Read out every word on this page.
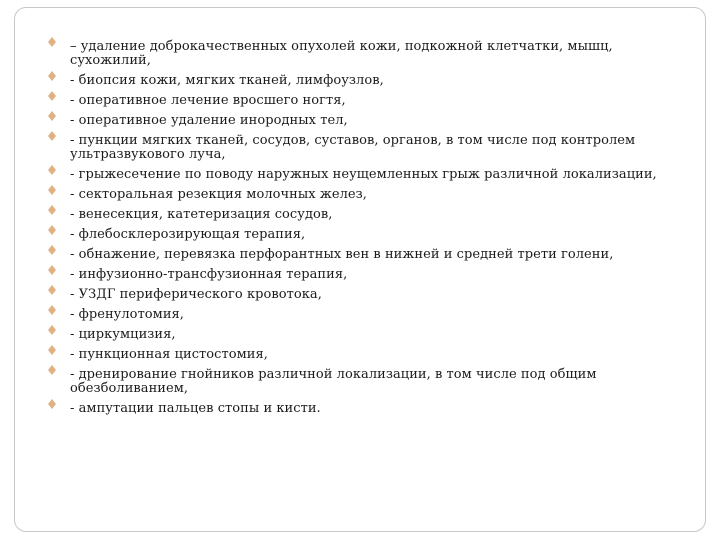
– удаление доброкачественных опухолей кожи, подкожной клетчатки, мышц, сухожилий,
- биопсия кожи, мягких тканей, лимфоузлов,
- оперативное лечение вросшего ногтя,
- оперативное удаление инородных тел,
- пункции мягких тканей, сосудов, суставов, органов, в том числе под контролем ультразвукового луча,
- грыжесечение по поводу наружных неущемленных грыж различной локализации,
- секторальная резекция молочных желез,
- венесекция, катетеризация сосудов,
- флебосклерозирующая терапия,
- обнажение, перевязка перфорантных вен в нижней и средней трети голени,
- инфузионно-трансфузионная терапия,
- УЗДГ периферического кровотока,
- френулотомия,
- циркумцизия,
- пункционная цистостомия,
- дренирование гнойников различной локализации, в том числе под общим обезболиванием,
- ампутации пальцев стопы и кисти.
